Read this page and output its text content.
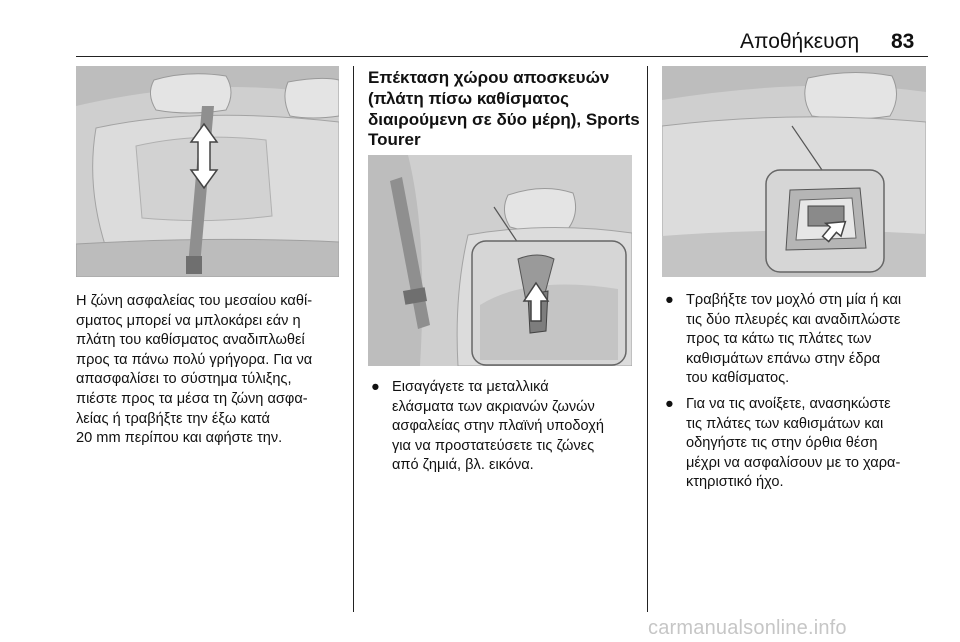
Αποθήκευση 83
Η ζώνη ασφαλείας του μεσαίου καθί-
σματος μπορεί να μπλοκάρει εάν η
πλάτη του καθίσματος αναδιπλωθεί
προς τα πάνω πολύ γρήγορα. Για να
απασφαλίσει το σύστημα τύλιξης,
πιέστε προς τα μέσα τη ζώνη ασφα-
λείας ή τραβήξτε την έξω κατά
20 mm περίπου και αφήστε την.
Επέκταση χώρου αποσκευών
(πλάτη πίσω καθίσματος
διαιρούμενη σε δύο μέρη), Sports
Tourer
● Εισαγάγετε τα μεταλλικά
ελάσματα των ακριανών ζωνών
ασφαλείας στην πλαϊνή υποδοχή
για να προστατεύσετε τις ζώνες
από ζημιά, βλ. εικόνα.
● Τραβήξτε τον μοχλό στη μία ή και
τις δύο πλευρές και αναδιπλώστε
προς τα κάτω τις πλάτες των
καθισμάτων επάνω στην έδρα
του καθίσματος.
● Για να τις ανοίξετε, ανασηκώστε
τις πλάτες των καθισμάτων και
οδηγήστε τις στην όρθια θέση
μέχρι να ασφαλίσουν με το χαρα-
κτηριστικό ήχο.
carmanualsonline.info
